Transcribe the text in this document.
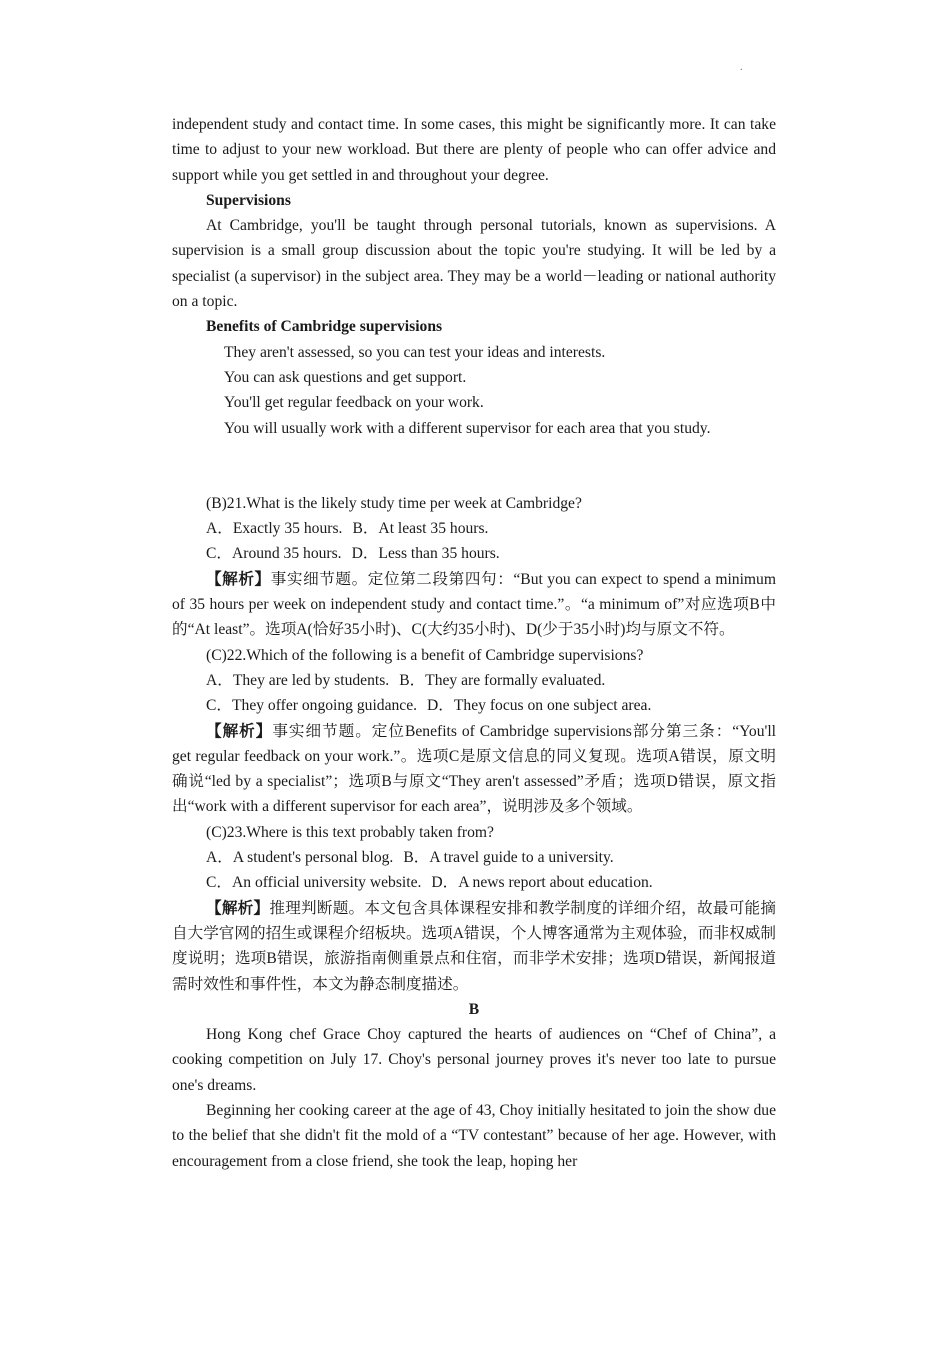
.

independent study and contact time. In some cases, this might be significantly more. It can take time to adjust to your new workload. But there are plenty of people who can offer advice and support while you get settled in and throughout your degree.

Supervisions

At Cambridge, you'll be taught through personal tutorials, known as supervisions. A supervision is a small group discussion about the topic you're studying. It will be led by a specialist (a supervisor) in the subject area. They may be a world－leading or national authority on a topic.

Benefits of Cambridge supervisions

They aren't assessed, so you can test your ideas and interests.

You can ask questions and get support.

You'll get regular feedback on your work.

You will usually work with a different supervisor for each area that you study.

(B)21.What is the likely study time per week at Cambridge?

A．Exactly 35 hours. B．At least 35 hours.

C．Around 35 hours. D．Less than 35 hours.

【解析】事实细节题。定位第二段第四句：“But you can expect to spend a minimum of 35 hours per week on independent study and contact time.”。“a minimum of”对应选项B中的“At least”。选项A(恰好35小时)、C(大约35小时)、D(少于35小时)均与原文不符。

(C)22.Which of the following is a benefit of Cambridge supervisions?

A．They are led by students. B．They are formally evaluated.

C．They offer ongoing guidance. D．They focus on one subject area.

【解析】事实细节题。定位Benefits of Cambridge supervisions部分第三条：“You'll get regular feedback on your work.”。选项C是原文信息的同义复现。选项A错误，原文明确说“led by a specialist”；选项B与原文“They aren't assessed”矛盾；选项D错误，原文指出“work with a different supervisor for each area”，说明涉及多个领域。

(C)23.Where is this text probably taken from?

A．A student's personal blog. B．A travel guide to a university.

C．An official university website. D．A news report about education.

【解析】推理判断题。本文包含具体课程安排和教学制度的详细介绍，故最可能摘自大学官网的招生或课程介绍板块。选项A错误，个人博客通常为主观体验，而非权威制度说明；选项B错误，旅游指南侧重景点和住宿，而非学术安排；选项D错误，新闻报道需时效性和事件性，本文为静态制度描述。

B

Hong Kong chef Grace Choy captured the hearts of audiences on “Chef of China”, a cooking competition on July 17. Choy's personal journey proves it's never too late to pursue one's dreams.

Beginning her cooking career at the age of 43, Choy initially hesitated to join the show due to the belief that she didn't fit the mold of a “TV contestant” because of her age. However, with encouragement from a close friend, she took the leap, hoping her
